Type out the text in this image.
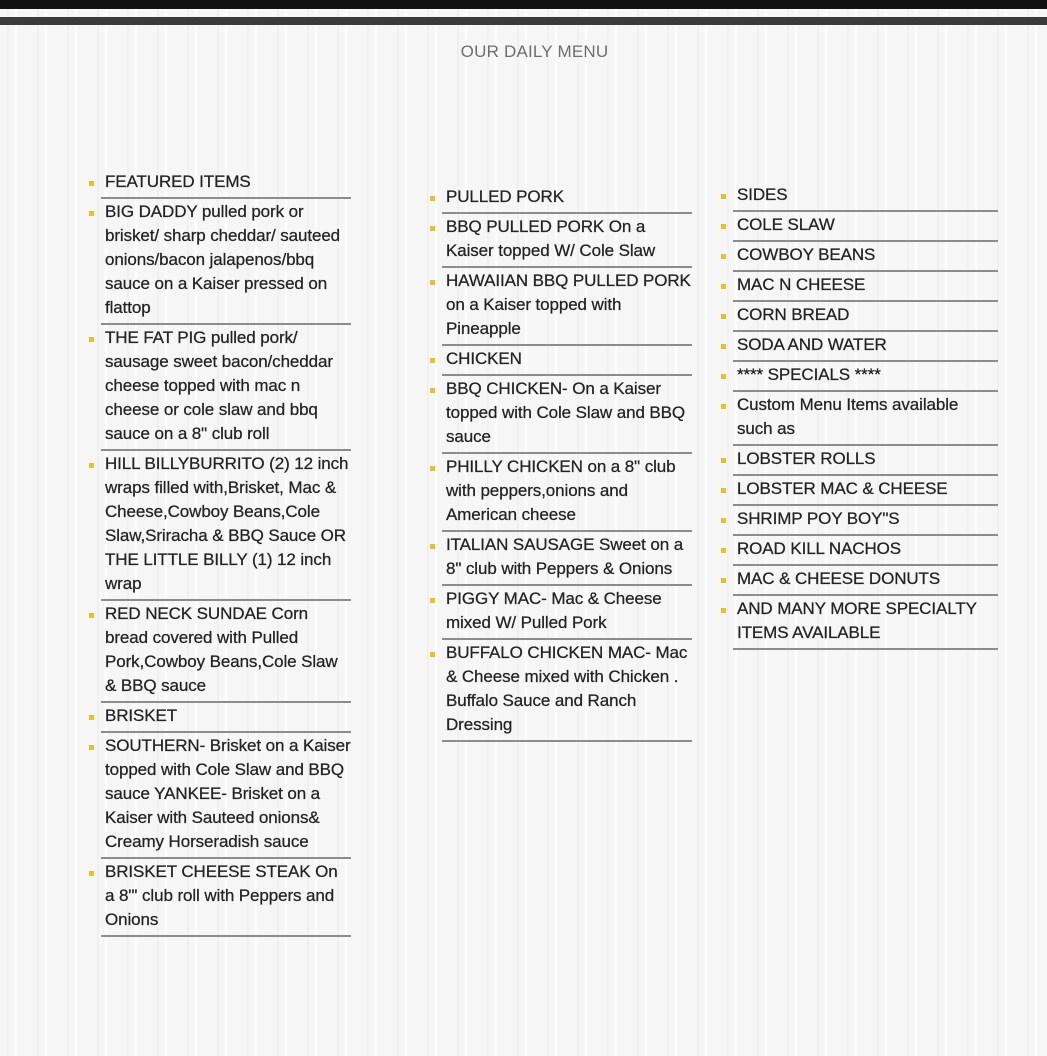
OUR DAILY MENU
FEATURED ITEMS
BIG DADDY pulled pork or brisket/ sharp cheddar/ sauteed onions/bacon jalapenos/bbq sauce on a Kaiser pressed on flattop
THE FAT PIG pulled pork/ sausage sweet bacon/cheddar cheese topped with mac n cheese or cole slaw and bbq sauce on a 8" club roll
HILL BILLYBURRITO (2) 12 inch wraps filled with,Brisket, Mac & Cheese,Cowboy Beans,Cole Slaw,Sriracha & BBQ Sauce OR THE LITTLE BILLY (1) 12 inch wrap
RED NECK SUNDAE Corn bread covered with Pulled Pork,Cowboy Beans,Cole Slaw & BBQ sauce
BRISKET
SOUTHERN- Brisket on a Kaiser topped with Cole Slaw and BBQ sauce YANKEE- Brisket on a Kaiser with Sauteed onions& Creamy Horseradish sauce
BRISKET CHEESE STEAK On a 8"' club roll with Peppers and Onions
PULLED PORK
BBQ PULLED PORK On a Kaiser topped W/ Cole Slaw
HAWAIIAN BBQ PULLED PORK on a Kaiser topped with Pineapple
CHICKEN
BBQ CHICKEN- On a Kaiser topped with Cole Slaw and BBQ sauce
PHILLY CHICKEN on a 8" club with peppers,onions and American cheese
ITALIAN SAUSAGE Sweet on a 8" club with Peppers & Onions
PIGGY MAC- Mac & Cheese mixed W/ Pulled Pork
BUFFALO CHICKEN MAC- Mac & Cheese mixed with Chicken . Buffalo Sauce and Ranch Dressing
SIDES
COLE SLAW
COWBOY BEANS
MAC N CHEESE
CORN BREAD
SODA AND WATER
**** SPECIALS ****
Custom Menu Items available such as
LOBSTER ROLLS
LOBSTER MAC & CHEESE
SHRIMP POY BOY"S
ROAD KILL NACHOS
MAC & CHEESE DONUTS
AND MANY MORE SPECIALTY ITEMS AVAILABLE
